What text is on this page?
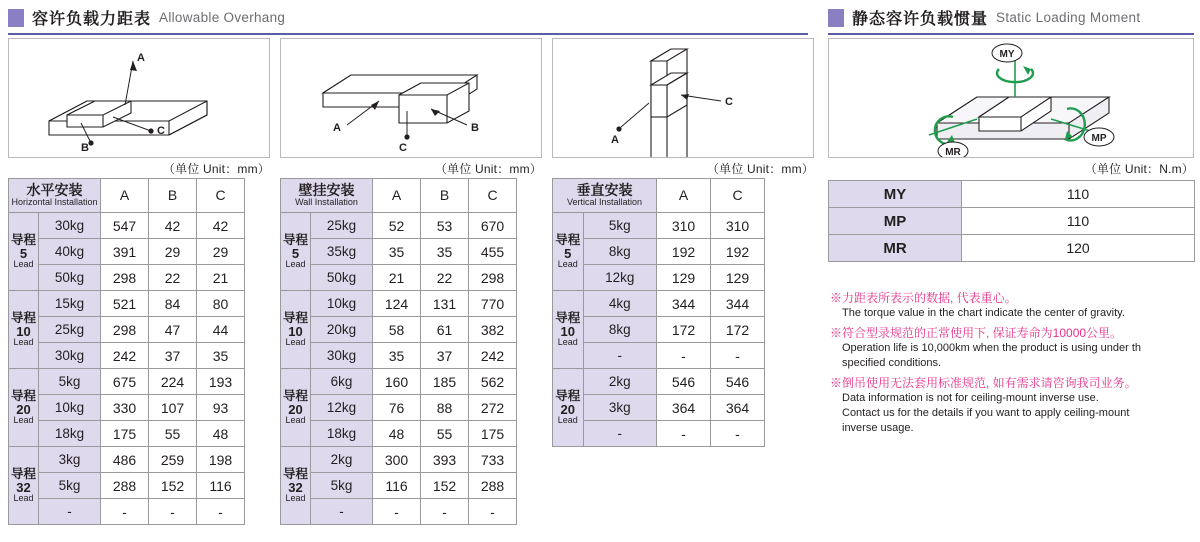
容许负载力距表 Allowable Overhang	静态容许负载惯量 Static Loading Moment
A
C
B
（单位 Unit：mm）
A	B
C
（单位 Unit：mm）
C
A
（单位 Unit：mm）
MY
MP
MR
（单位 Unit：N.m）
水平安装
Horizontal Installation		A	B	C

导程
5
Lead	30kg	547	42	42
	40kg	391	29	29
	50kg	298	22	21

导程
10
Lead	15kg	521	84	80
	25kg	298	47	44
	30kg	242	37	35

导程
20
Lead	5kg	675	224	193
	10kg	330	107	93
	18kg	175	55	48

导程
32
Lead	3kg	486	259	198
	5kg	288	152	116
	-	-	-	-
壁挂安装
Wall Installation		A	B	C

导程
5
Lead	25kg	52	53	670
	35kg	35	35	455
	50kg	21	22	298

导程
10
Lead	10kg	124	131	770
	20kg	58	61	382
	30kg	35	37	242

导程
20
Lead	6kg	160	185	562
	12kg	76	88	272
	18kg	48	55	175

导程
32
Lead	2kg	300	393	733
	5kg	116	152	288
	-	-	-	-
垂直安装
Vertical Installation		A	C

导程
5
Lead	5kg	310	310
	8kg	192	192
	12kg	129	129

导程
10
Lead	4kg	344	344
	8kg	172	172
	-	-	-

导程
20
Lead	2kg	546	546
	3kg	364	364
	-	-	-
MY	110
MP	110
MR	120
※力距表所表示的数据, 代表重心。
The torque value in the chart indicate the center of gravity.
※符合型录规范的正常使用下, 保证寿命为10000公里。
Operation life is 10,000km when the product is using under th
specified conditions.
※倒吊使用无法套用标准规范, 如有需求请咨询我司业务。
Data information is not for ceiling-mount inverse use.
Contact us for the details if you want to apply ceiling-mount
inverse usage.
